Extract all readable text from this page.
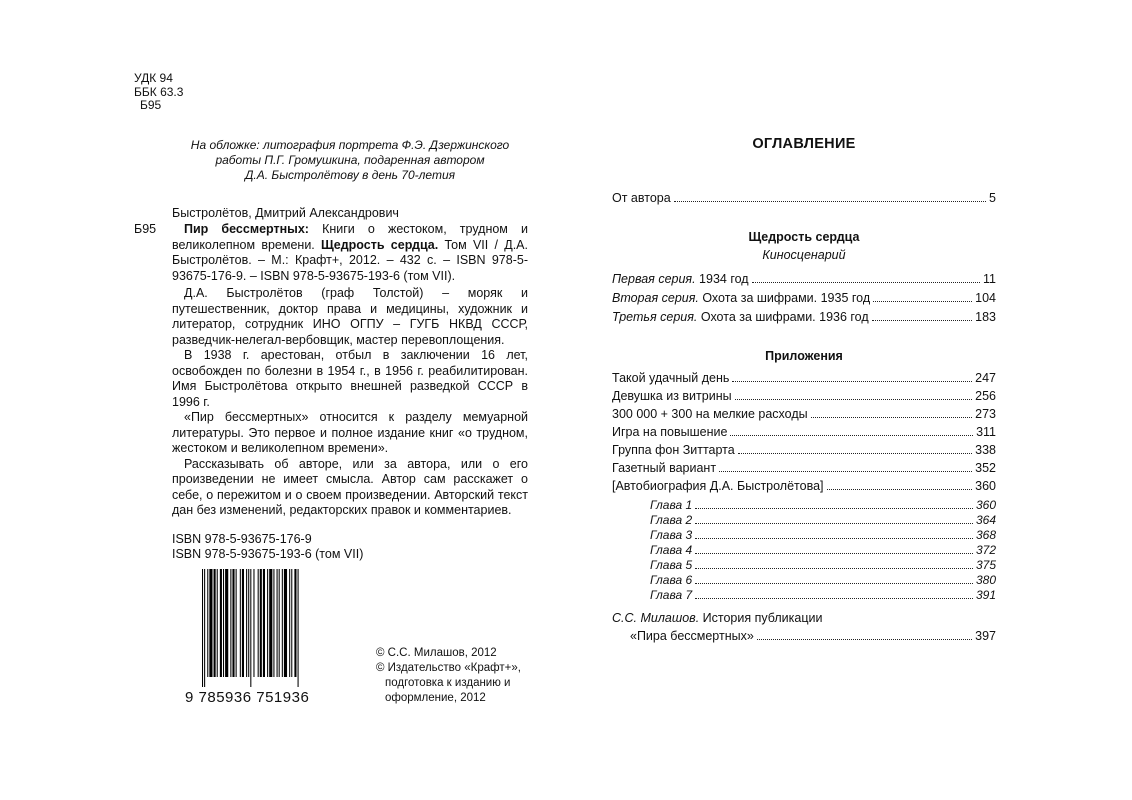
УДК 94
ББК 63.3
Б95
На обложке: литография портрета Ф.Э. Дзержинского
работы П.Г. Громушкина, подаренная автором
Д.А. Быстролётову в день 70-летия
Быстролётов, Дмитрий Александрович
Б95	Пир бессмертных: Книги о жестоком, трудном и великолепном времени. Щедрость сердца. Том VII / Д.А. Быстролётов. – М.: Крафт+, 2012. – 432 с. – ISBN 978-5-93675-176-9. – ISBN 978-5-93675-193-6 (том VII).

Д.А. Быстролётов (граф Толстой) – моряк и путешественник, доктор права и медицины, художник и литератор, сотрудник ИНО ОГПУ – ГУГБ НКВД СССР, разведчик-нелегал-вербовщик, мастер перевоплощения.

В 1938 г. арестован, отбыл в заключении 16 лет, освобожден по болезни в 1954 г., в 1956 г. реабилитирован. Имя Быстролётова открыто внешней разведкой СССР в 1996 г.

«Пир бессмертных» относится к разделу мемуарной литературы. Это первое и полное издание книг «о трудном, жестоком и великолепном времени».

Рассказывать об авторе, или за автора, или о его произведении не имеет смысла. Автор сам расскажет о себе, о пережитом и о своем произведении. Авторский текст дан без изменений, редакторских правок и комментариев.

ISBN 978-5-93675-176-9
ISBN 978-5-93675-193-6 (том VII)
9 785936 751936
© С.С. Милашов, 2012
© Издательство «Крафт+»,
подготовка к изданию и
оформление, 2012
ОГЛАВЛЕНИЕ
От автора	5
Щедрость сердца
Киносценарий
Первая серия. 1934 год	11
Вторая серия. Охота за шифрами. 1935 год	104
Третья серия. Охота за шифрами. 1936 год	183
Приложения
Такой удачный день	247
Девушка из витрины	256
300 000 + 300 на мелкие расходы	273
Игра на повышение	311
Группа фон Зиттарта	338
Газетный вариант	352
[Автобиография Д.А. Быстролётова]	360
Глава 1	360
Глава 2	364
Глава 3	368
Глава 4	372
Глава 5	375
Глава 6	380
Глава 7	391
С.С. Милашов. История публикации
«Пира бессмертных»	397
